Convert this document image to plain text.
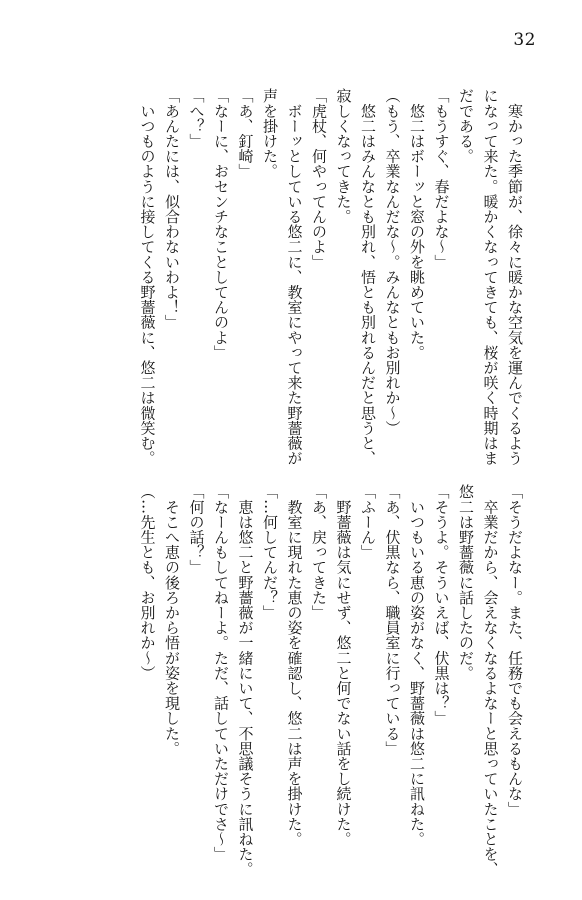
32
　寒かった季節が、徐々に暖かな空気を運んでくるよう
になって来た。暖かくなってきても、桜が咲く時期はま
だである。
「もうすぐ、春だよな〜」
　悠二はボーッと窓の外を眺めていた。
（もう、卒業なんだな〜。みんなともお別れか〜）
　悠二はみんなとも別れ、悟とも別れるんだと思うと、
寂しくなってきた。
「虎杖、何やってんのよ」
　ボーッとしている悠二に、教室にやって来た野薔薇が
声を掛けた。
「あ、釘崎」
「なーに、おセンチなことしてんのよ」
「へ？」
「あんたには、似合わないわよ！」
　いつものように接してくる野薔薇に、悠二は微笑む。
「そうだよなー。また、任務でも会えるもんな」
　卒業だから、会えなくなるよなーと思っていたことを、
悠二は野薔薇に話したのだ。
「そうよ。そういえば、伏黒は？」
　いつもいる恵の姿がなく、野薔薇は悠二に訊ねた。
「あ、伏黒なら、職員室に行っている」
「ふーん」
　野薔薇は気にせず、悠二と何でない話をし続けた。
「あ、戻ってきた」
　教室に現れた恵の姿を確認し、悠二は声を掛けた。
「…何してんだ？」
　恵は悠二と野薔薇が一緒にいて、不思議そうに訊ねた。
「なーんもしてねーよ。ただ、話していただけでさ〜」
「何の話？」
　そこへ恵の後ろから悟が姿を現した。
（…先生とも、お別れか〜）
